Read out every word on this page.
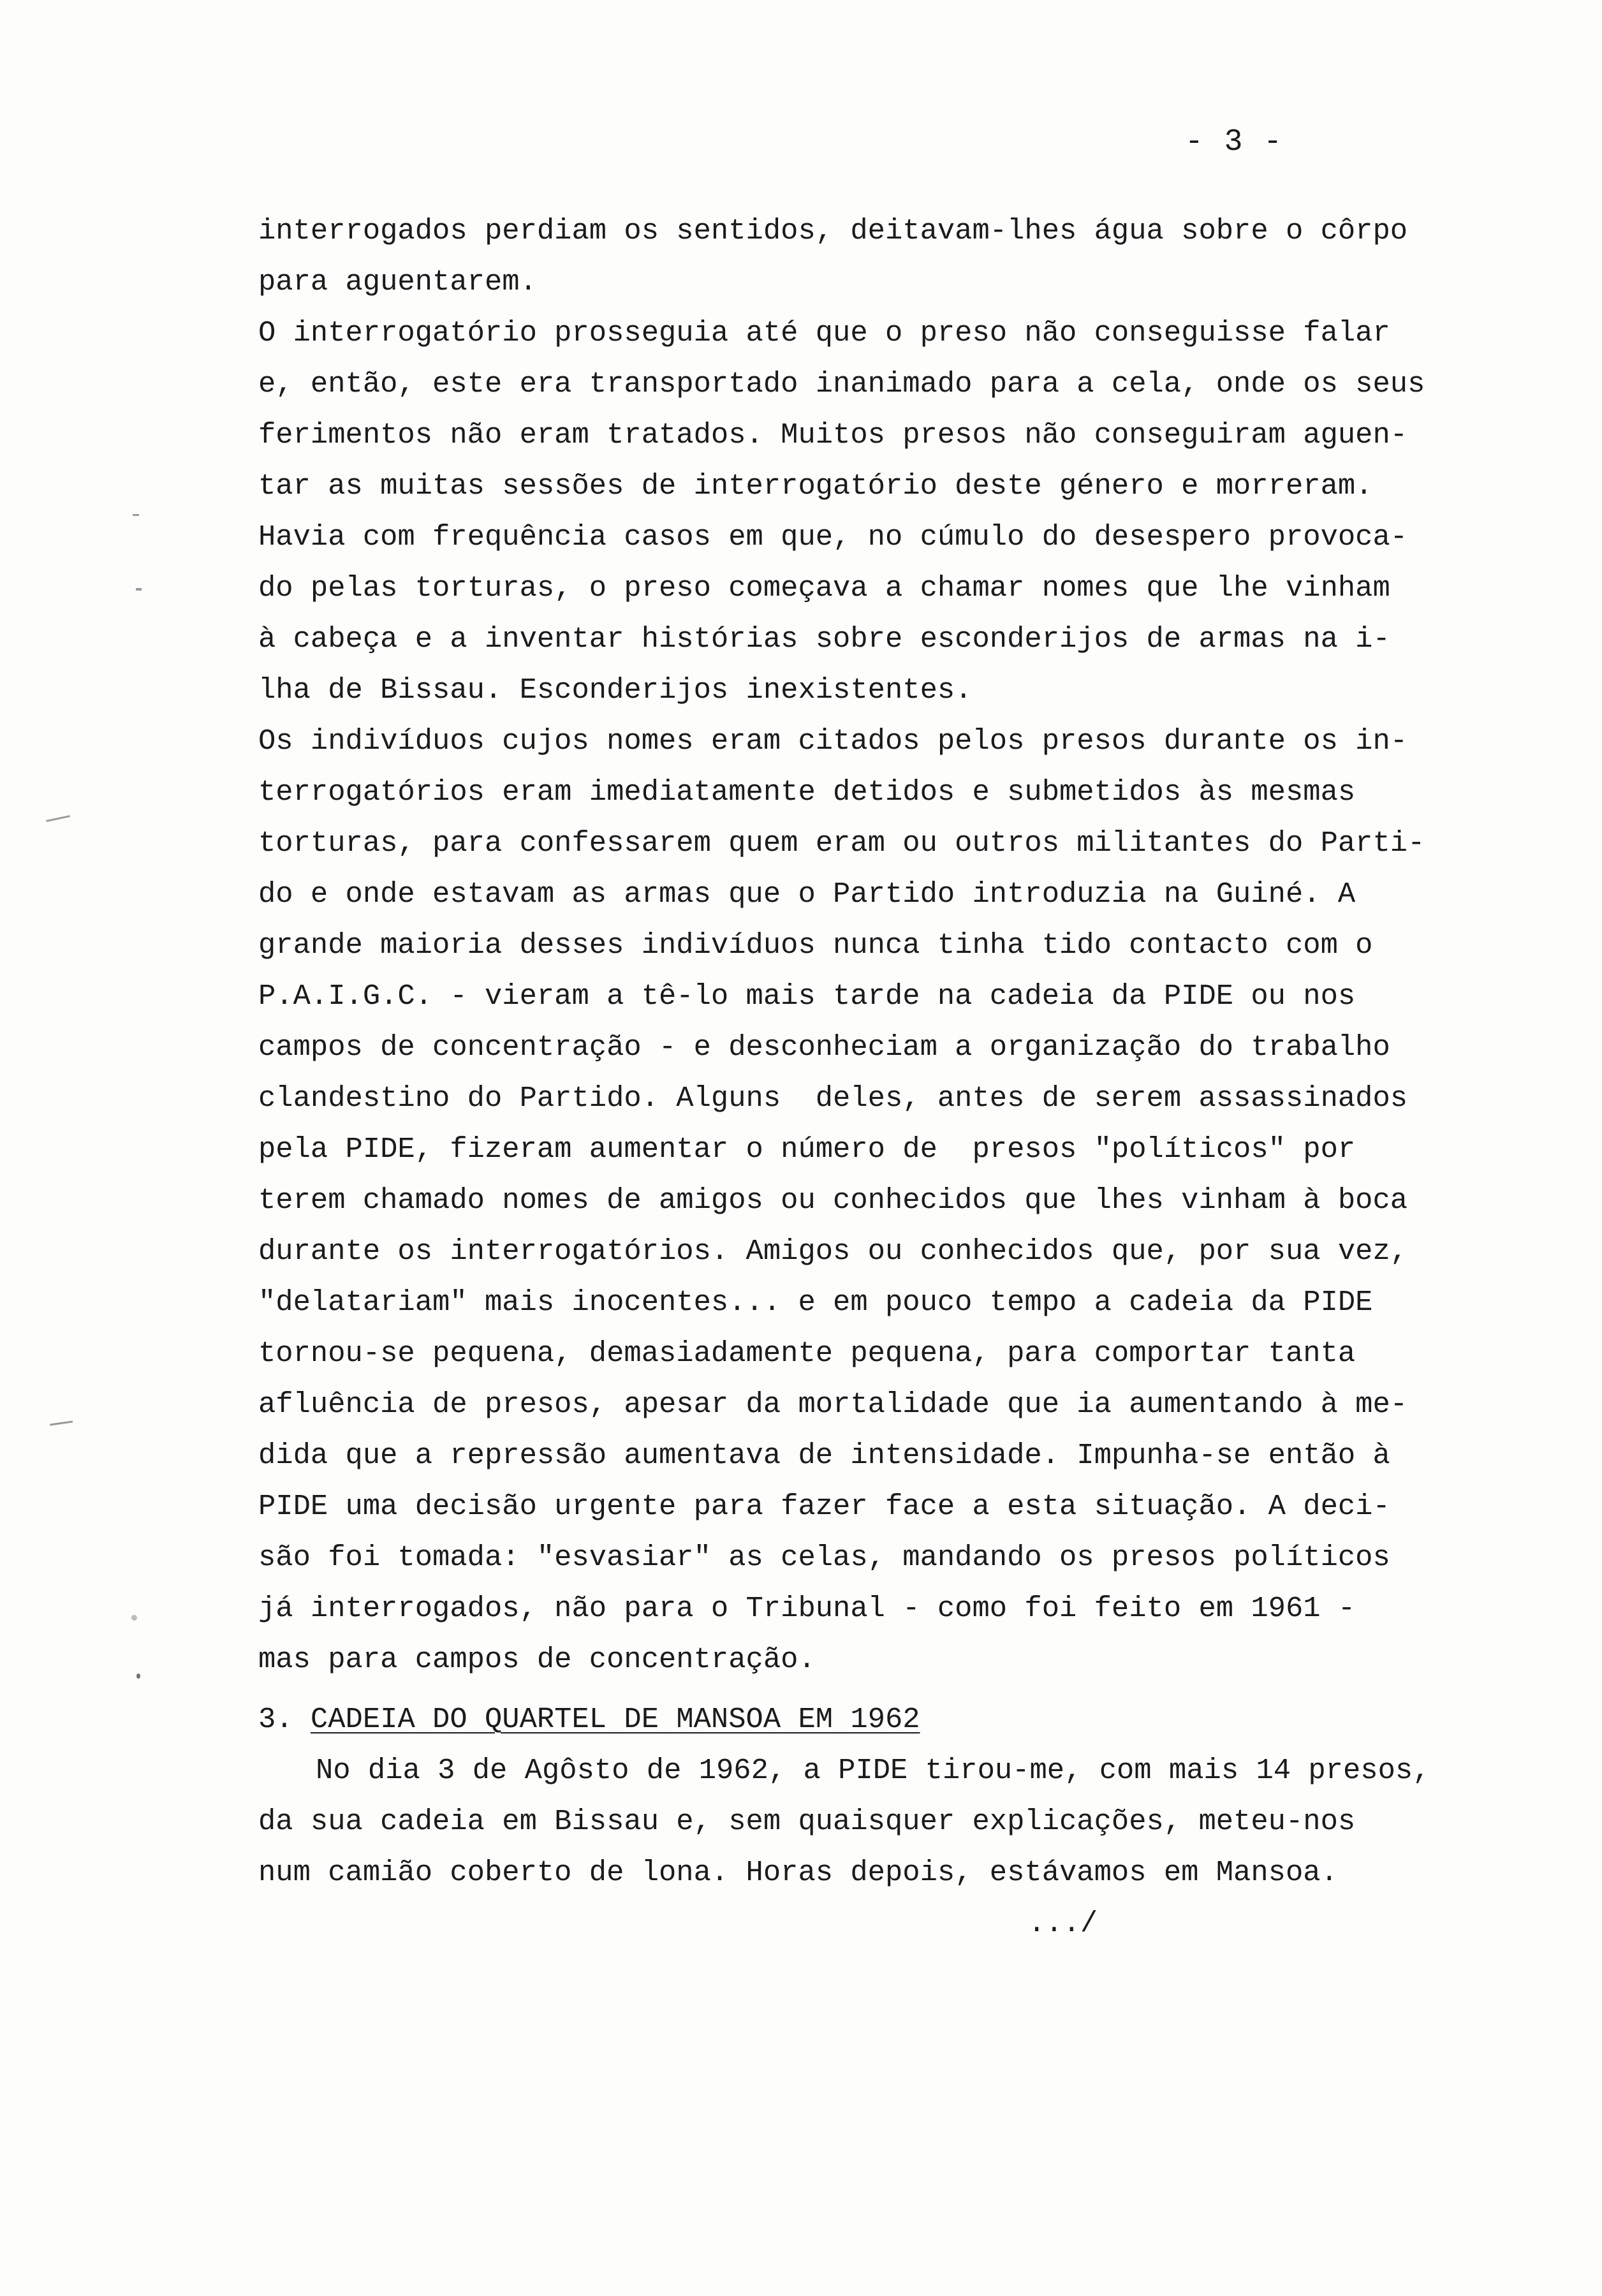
- 3 -
interrogados perdiam os sentidos, deitavam-lhes água sobre o côrpo
para aguentarem.
O interrogatório prosseguia até que o preso não conseguisse falar
e, então, este era transportado inanimado para a cela, onde os seus
ferimentos não eram tratados. Muitos presos não conseguiram aguen-
tar as muitas sessões de interrogatório deste género e morreram.
Havia com frequência casos em que, no cúmulo do desespero provoca-
do pelas torturas, o preso começava a chamar nomes que lhe vinham
à cabeça e a inventar histórias sobre esconderijos de armas na i-
lha de Bissau. Esconderijos inexistentes.
Os indivíduos cujos nomes eram citados pelos presos durante os in-
terrogatórios eram imediatamente detidos e submetidos às mesmas
torturas, para confessarem quem eram ou outros militantes do Parti-
do e onde estavam as armas que o Partido introduzia na Guiné. A
grande maioria desses indivíduos nunca tinha tido contacto com o
P.A.I.G.C. - vieram a tê-lo mais tarde na cadeia da PIDE ou nos
campos de concentração - e desconheciam a organização do trabalho
clandestino do Partido. Alguns  deles, antes de serem assassinados
pela PIDE, fizeram aumentar o número de  presos "políticos" por
terem chamado nomes de amigos ou conhecidos que lhes vinham à boca
durante os interrogatórios. Amigos ou conhecidos que, por sua vez,
"delatariam" mais inocentes... e em pouco tempo a cadeia da PIDE
tornou-se pequena, demasiadamente pequena, para comportar tanta
afluência de presos, apesar da mortalidade que ia aumentando à me-
dida que a repressão aumentava de intensidade. Impunha-se então à
PIDE uma decisão urgente para fazer face a esta situação. A deci-
são foi tomada: "esvasiar" as celas, mandando os presos políticos
já interrogados, não para o Tribunal - como foi feito em 1961 -
mas para campos de concentração.
3. CADEIA DO QUARTEL DE MANSOA EM 1962
No dia 3 de Agôsto de 1962, a PIDE tirou-me, com mais 14 presos,
da sua cadeia em Bissau e, sem quaisquer explicações, meteu-nos
num camião coberto de lona. Horas depois, estávamos em Mansoa.
.../
